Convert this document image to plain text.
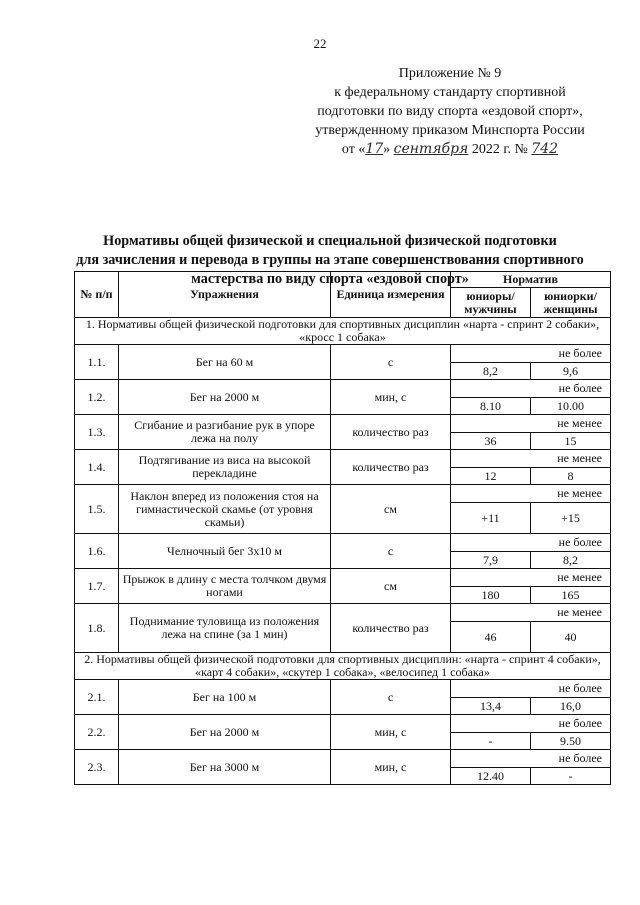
22
Приложение № 9
к федеральному стандарту спортивной
подготовки по виду спорта «ездовой спорт»,
утвержденному приказом Минспорта России
от «17» сентября 2022 г. № 742
Нормативы общей физической и специальной физической подготовки
для зачисления и перевода в группы на этапе совершенствования спортивного
мастерства по виду спорта «ездовой спорт»
№ п/п	Упражнения	Единица измерения	Норматив	
			юниоры/ мужчины	юниорки/ женщины
1. Нормативы общей физической подготовки для спортивных дисциплин «нарта - спринт 2 собаки», «кросс 1 собака»				
1.1.	Бег на 60 м	с	не более	
			8,2	9,6
1.2.	Бег на 2000 м	мин, с	не более	
			8.10	10.00
1.3.	Сгибание и разгибание рук в упоре лежа на полу	количество раз	не менее	
			36	15
1.4.	Подтягивание из виса на высокой перекладине	количество раз	не менее	
			12	8
1.5.	Наклон вперед из положения стоя на гимнастической скамье (от уровня скамьи)	см	не менее	
			+11	+15
1.6.	Челночный бег 3х10 м	с	не более	
			7,9	8,2
1.7.	Прыжок в длину с места толчком двумя ногами	см	не менее	
			180	165
1.8.	Поднимание туловища из положения лежа на спине (за 1 мин)	количество раз	не менее	
			46	40
2. Нормативы общей физической подготовки для спортивных дисциплин: «нарта - спринт 4 собаки», «карт 4 собаки», «скутер 1 собака», «велосипед 1 собака»				
2.1.	Бег на 100 м	с	не более	
			13,4	16,0
2.2.	Бег на 2000 м	мин, с	не более	
			-	9.50
2.3.	Бег на 3000 м	мин, с	не более	
			12.40	-
